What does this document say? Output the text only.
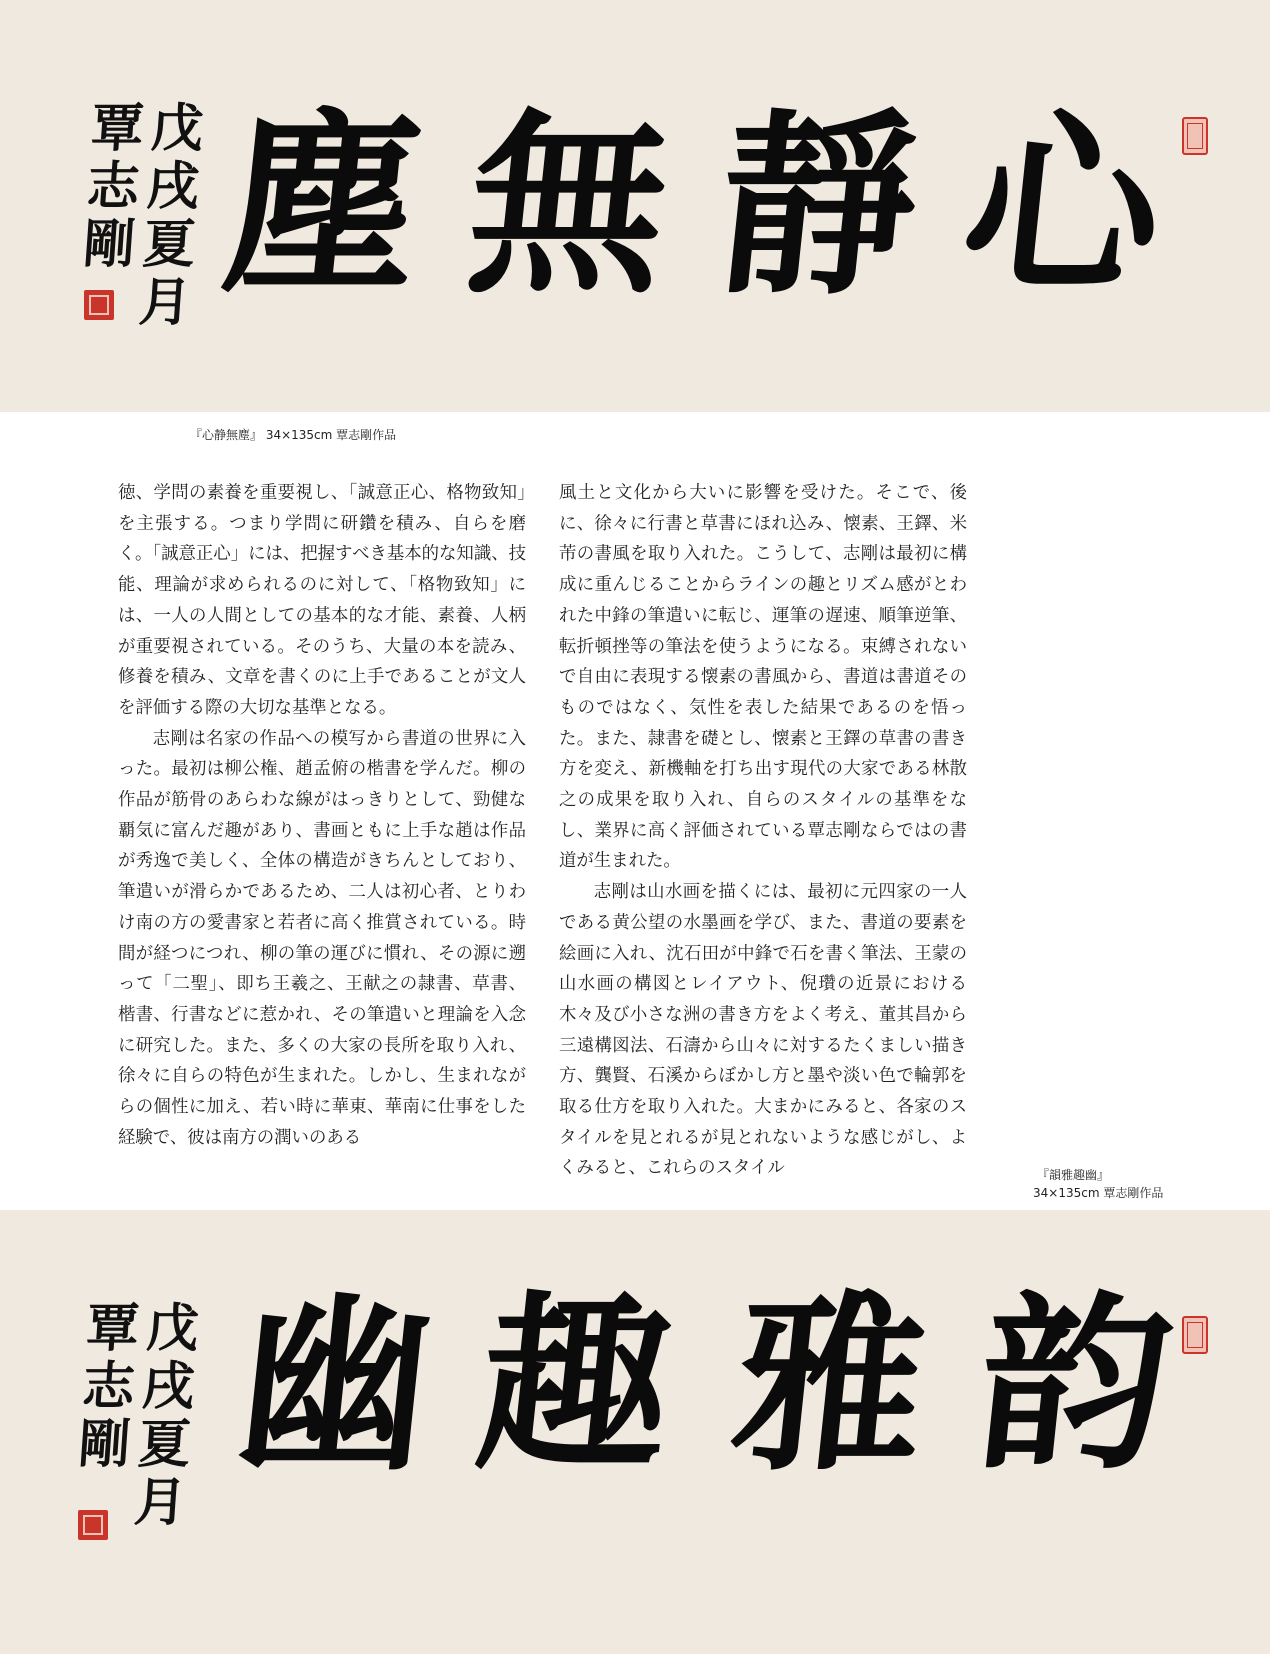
戊戌夏月 覃志剛 塵 無 靜 心
『心静無塵』 34×135cm 覃志剛作品

徳、学問の素養を重要視し、「誠意正心、格物致知」を主張する。つまり学問に研鑽を積み、自らを磨く。「誠意正心」には、把握すべき基本的な知識、技能、理論が求められるのに対して、「格物致知」には、一人の人間としての基本的な才能、素養、人柄が重要視されている。そのうち、大量の本を読み、修養を積み、文章を書くのに上手であることが文人を評価する際の大切な基準となる。

志剛は名家の作品への模写から書道の世界に入った。最初は柳公権、趙孟俯の楷書を学んだ。柳の作品が筋骨のあらわな線がはっきりとして、勁健な覇気に富んだ趣があり、書画ともに上手な趙は作品が秀逸で美しく、全体の構造がきちんとしており、筆遣いが滑らかであるため、二人は初心者、とりわけ南の方の愛書家と若者に高く推賞されている。時間が経つにつれ、柳の筆の運びに慣れ、その源に遡って「二聖」、即ち王羲之、王献之の隷書、草書、楷書、行書などに惹かれ、その筆遣いと理論を入念に研究した。また、多くの大家の長所を取り入れ、徐々に自らの特色が生まれた。しかし、生まれながらの個性に加え、若い時に華東、華南に仕事をした経験で、彼は南方の潤いのある

風土と文化から大いに影響を受けた。そこで、後に、徐々に行書と草書にほれ込み、懐素、王鐸、米芾の書風を取り入れた。こうして、志剛は最初に構成に重んじることからラインの趣とリズム感がとわれた中鋒の筆遣いに転じ、運筆の遅速、順筆逆筆、転折頓挫等の筆法を使うようになる。束縛されないで自由に表現する懐素の書風から、書道は書道そのものではなく、気性を表した結果であるのを悟った。また、隷書を礎とし、懐素と王鐸の草書の書き方を変え、新機軸を打ち出す現代の大家である林散之の成果を取り入れ、自らのスタイルの基準をなし、業界に高く評価されている覃志剛ならではの書道が生まれた。

志剛は山水画を描くには、最初に元四家の一人である黄公望の水墨画を学び、また、書道の要素を絵画に入れ、沈石田が中鋒で石を書く筆法、王蒙の山水画の構図とレイアウト、倪瓚の近景における木々及び小さな洲の書き方をよく考え、董其昌から三遠構図法、石濤から山々に対するたくましい描き方、龔賢、石溪からぼかし方と墨や淡い色で輪郭を取る仕方を取り入れた。大まかにみると、各家のスタイルを見とれるが見とれないような感じがし、よくみると、これらのスタイル	『韻雅趣幽』
34×135cm 覃志剛作品
戊戌夏月 覃志剛 幽 趣 雅 韵
